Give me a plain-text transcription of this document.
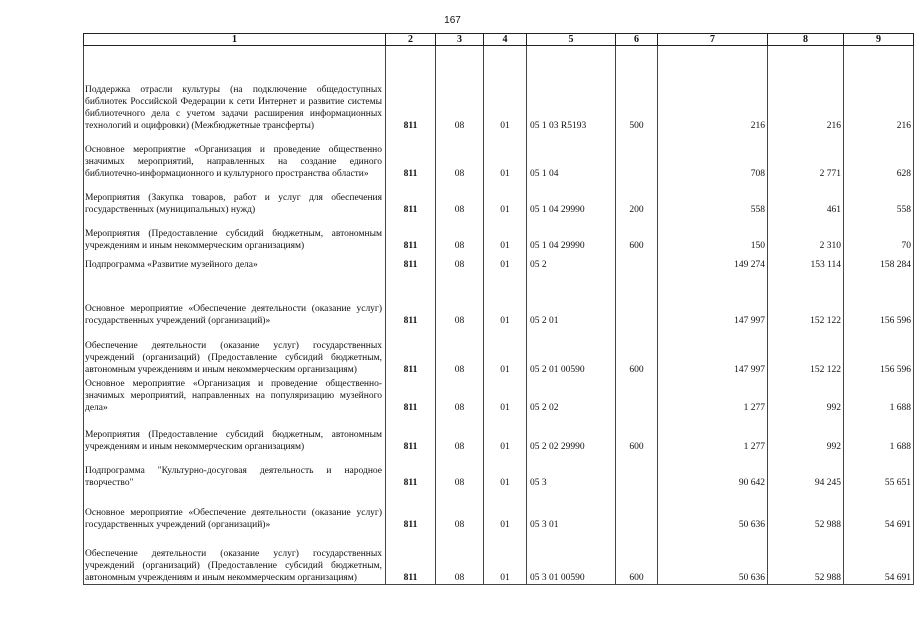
167
1	2	3	4	5	6	7	8	9
Поддержка отрасли культуры (на подключение общедоступных библиотек Российской Федерации к сети Интернет и развитие системы библиотечного дела с учетом задачи расширения информационных технологий и оцифровки) (Межбюджетные трансферты)	811	08	01	05 1 03 R5193	500	216	216	216
Основное мероприятие «Организация и проведение общественно значимых мероприятий, направленных на создание единого библиотечно-информационного и культурного пространства области»	811	08	01	05 1 04		708	2 771	628
Мероприятия (Закупка товаров, работ и услуг для обеспечения государственных (муниципальных) нужд)	811	08	01	05 1 04 29990	200	558	461	558
Мероприятия (Предоставление субсидий бюджетным, автономным учреждениям и иным некоммерческим организациям)	811	08	01	05 1 04 29990	600	150	2 310	70
Подпрограмма «Развитие музейного дела»	811	08	01	05 2		149 274	153 114	158 284
Основное мероприятие «Обеспечение деятельности (оказание услуг) государственных учреждений (организаций)»	811	08	01	05 2 01		147 997	152 122	156 596
Обеспечение деятельности (оказание услуг) государственных учреждений (организаций) (Предоставление субсидий бюджетным, автономным учреждениям и иным некоммерческим организациям)	811	08	01	05 2 01 00590	600	147 997	152 122	156 596
Основное мероприятие «Организация и проведение общественно-значимых мероприятий, направленных на популяризацию музейного дела»	811	08	01	05 2 02		1 277	992	1 688
Мероприятия (Предоставление субсидий бюджетным, автономным учреждениям и иным некоммерческим организациям)	811	08	01	05 2 02 29990	600	1 277	992	1 688
Подпрограмма "Культурно-досуговая деятельность и народное творчество"	811	08	01	05 3		90 642	94 245	55 651
Основное мероприятие «Обеспечение деятельности (оказание услуг) государственных учреждений (организаций)»	811	08	01	05 3 01		50 636	52 988	54 691
Обеспечение деятельности (оказание услуг) государственных учреждений (организаций) (Предоставление субсидий бюджетным, автономным учреждениям и иным некоммерческим организациям)	811	08	01	05 3 01 00590	600	50 636	52 988	54 691
